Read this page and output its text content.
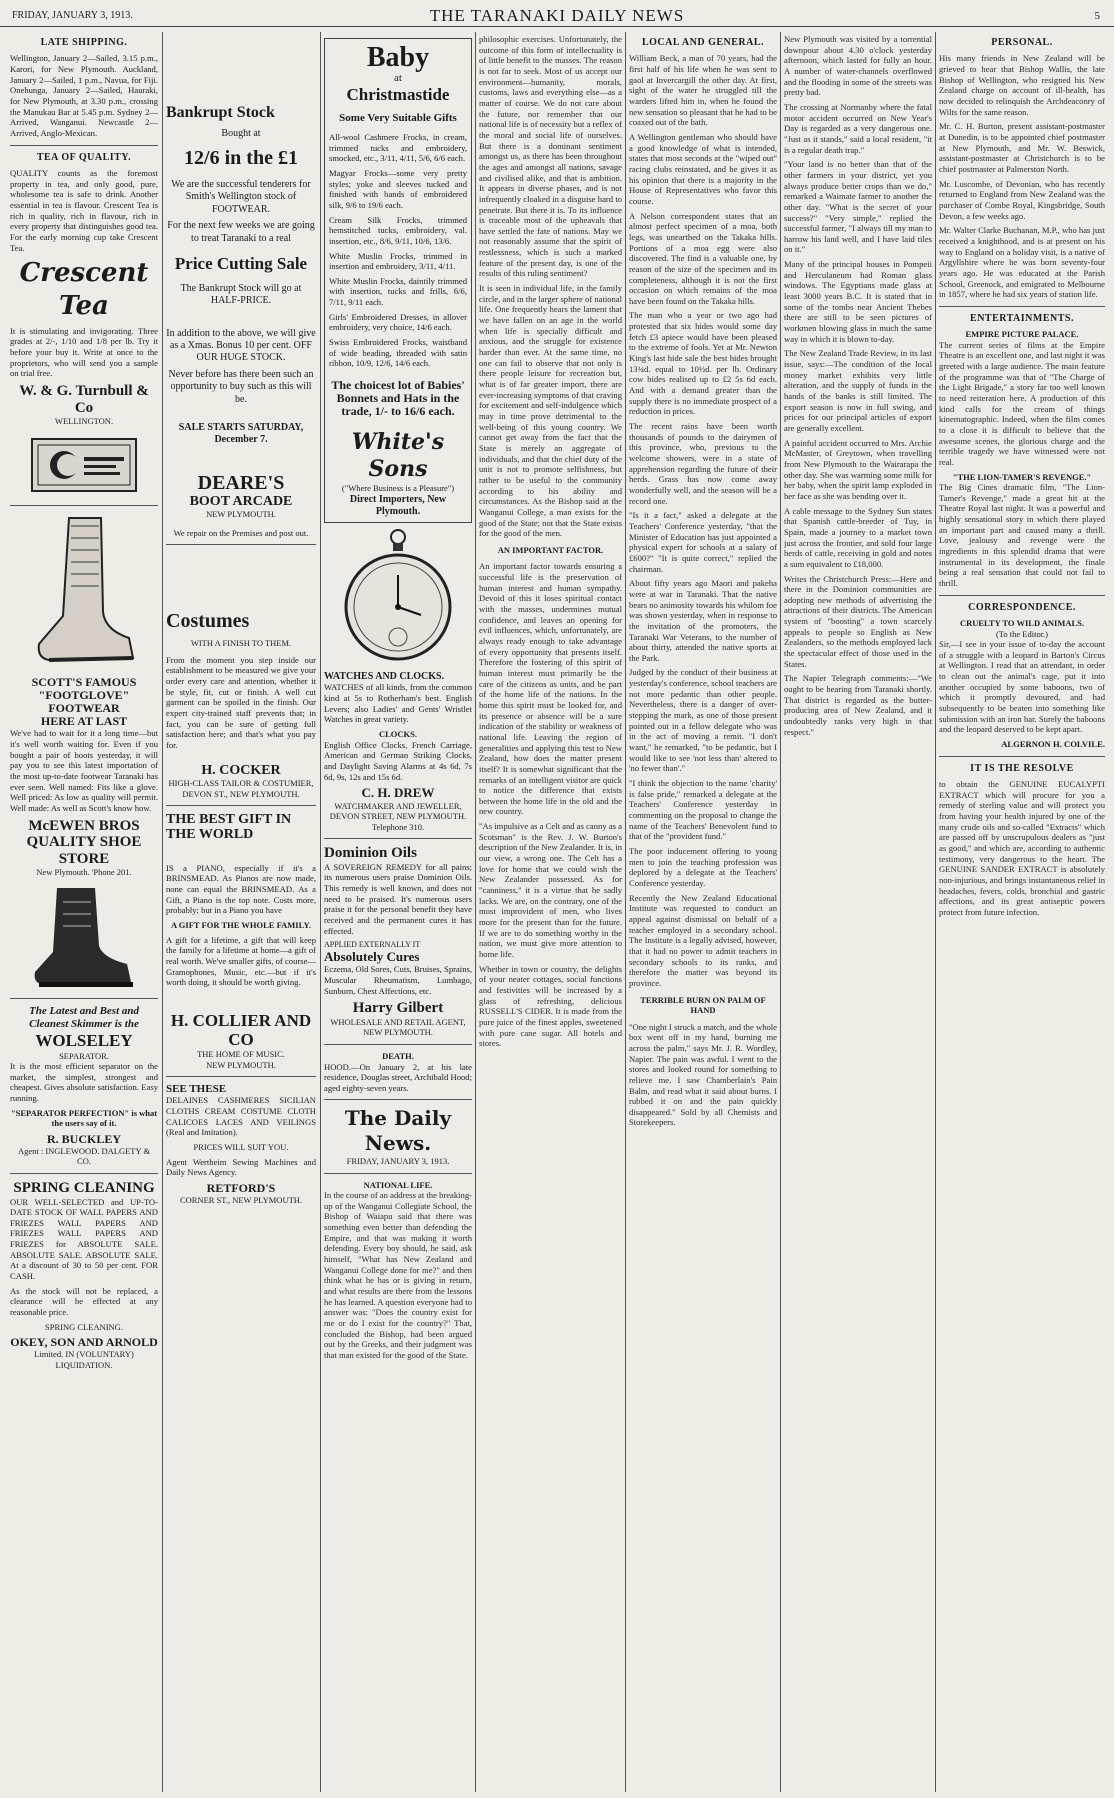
FRIDAY, JANUARY 3, 1913.	THE TARANAKI DAILY NEWS	5
LATE SHIPPING.

Wellington, January 2—Sailed, 3.15 p.m., Karori, for New Plymouth. Auckland, January 2—Sailed, 1 p.m., Navua, for Fiji. Onehunga, January 2—Sailed, Hauraki, for New Plymouth, at 3.30 p.m., crossing the Manukau Bar at 5.45 p.m. Sydney 2—Arrived, Wanganui. Newcastle 2—Arrived, Anglo-Mexican.

TEA OF QUALITY.

QUALITY counts as the foremost property in tea, and only good, pure, wholesome tea is safe to drink. Another essential in tea is flavour. Crescent Tea is rich in quality, rich in flavour, rich in every property that distinguishes good tea. For the early morning cup take Crescent Tea.

Crescent Tea

It is stimulating and invigorating. Three grades at 2/-, 1/10 and 1/8 per lb. Try it before your buy it. Write at once to the proprietors, who will send you a sample on trial free.

W. & G. Turnbull & Co
WELLINGTON.
SCOTT'S FAMOUS "FOOTGLOVE" FOOTWEAR
HERE AT LAST

We've had to wait for it a long time—but it's well worth waiting for. Even if you bought a pair of boots yesterday, it will pay you to see this latest importation of the most up-to-date footwear Taranaki has ever seen. Well named: Fits like a glove. Well priced: As low as quality will permit. Well made: As well as Scott's know how.

McEWEN BROS QUALITY SHOE STORE
New Plymouth. 'Phone 201.
The Latest and Best and Cleanest Skimmer is the
WOLSELEY
SEPARATOR.

It is the most efficient separator on the market, the simplest, strongest and cheapest. Gives absolute satisfaction. Easy running.

"SEPARATOR PERFECTION" is what the users say of it.

R. BUCKLEY
Agent : INGLEWOOD. DALGETY & CO.
SPRING CLEANING

OUR WELL-SELECTED and UP-TO-DATE STOCK OF WALL PAPERS AND FRIEZES WALL PAPERS AND FRIEZES WALL PAPERS AND FRIEZES for ABSOLUTE SALE. ABSOLUTE SALE. ABSOLUTE SALE. At a discount of 30 to 50 per cent. FOR CASH.

As the stock will not be replaced, a clearance will be effected at any reasonable price.

SPRING CLEANING.
OKEY, SON AND ARNOLD
Limited. IN (VOLUNTARY) LIQUIDATION.
Bankrupt Stock
Bought at
12/6 in the £1

We are the successful tenderers for Smith's Wellington stock of FOOTWEAR.

For the next few weeks we are going to treat Taranaki to a real

Price Cutting Sale

The Bankrupt Stock will go at HALF-PRICE.

In addition to the above, we will give as a Xmas. Bonus 10 per cent. OFF OUR HUGE STOCK.

Never before has there been such an opportunity to buy such as this will be.

SALE STARTS SATURDAY, December 7.

DEARE'S
BOOT ARCADE
NEW PLYMOUTH.

We repair on the Premises and post out.

Costumes
WITH A FINISH TO THEM.

From the moment you step inside our establishment to be measured we give your order every care and attention, whether it be style, fit, cut or finish. A well cut garment can be spoiled in the finish. Our expert city-trained staff prevents that; in fact, you can be sure of getting full satisfaction here; and that's what you pay for.

H. COCKER
HIGH-CLASS TAILOR & COSTUMIER, DEVON ST., NEW PLYMOUTH.
THE BEST GIFT IN THE WORLD

IS a PIANO, especially if it's a BRINSMEAD. As Pianos are now made, none can equal the BRINSMEAD. As a Gift, a Piano is the top note. Costs more, probably; but in a Piano you have

A GIFT FOR THE WHOLE FAMILY.

A gift for a lifetime, a gift that will keep the family for a lifetime at home—a gift of real worth. We've smaller gifts, of course—Gramophones, Music, etc.—but if it's worth doing, it should be worth giving.

H. COLLIER AND CO
THE HOME OF MUSIC.
NEW PLYMOUTH.
SEE THESE

DELAINES CASHMERES SICILIAN CLOTHS CREAM COSTUME CLOTH CALICOES LACES AND VEILINGS (Real and Imitation).

PRICES WILL SUIT YOU.

Agent Wertheim Sewing Machines and Daily News Agency.

RETFORD'S
CORNER ST., NEW PLYMOUTH.
Baby
at
Christmastide
Some Very Suitable Gifts

All-wool Cashmere Frocks, in cream, trimmed tucks and embroidery, smocked, etc., 3/11, 4/11, 5/6, 6/6 each.

Magyar Frocks—some very pretty styles; yoke and sleeves tucked and finished with bands of embroidered silk, 9/6 to 19/6 each.

Cream Silk Frocks, trimmed hemstitched tucks, embroidery, val. insertion, etc., 8/6, 9/11, 10/6, 13/6.

White Muslin Frocks, trimmed in insertion and embroidery, 3/11, 4/11.

White Muslin Frocks, daintily trimmed with insertion, tucks and frills, 6/6, 7/11, 9/11 each.

Girls' Embroidered Dresses, in allover embroidery, very choice, 14/6 each.

Swiss Embroidered Frocks, waistband of wide beading, threaded with satin ribbon, 10/9, 12/6, 14/6 each.

The choicest lot of Babies' Bonnets and Hats in the trade, 1/- to 16/6 each.
White's Sons
("Where Business is a Pleasure")
Direct Importers, New Plymouth.
WATCHES AND CLOCKS.

WATCHES of all kinds, from the common kind at 5s to Rotherham's best. English Levers; also Ladies' and Gents' Wristlet Watches in great variety.

CLOCKS.

English Office Clocks, French Carriage, American and German Striking Clocks, and Daylight Saving Alarms at 4s 6d, 7s 6d, 9s, 12s and 15s 6d.

C. H. DREW

WATCHMAKER AND JEWELLER, DEVON STREET, NEW PLYMOUTH. Telephone 310.

Dominion Oils

A SOVEREIGN REMEDY for all pains; its numerous users praise Dominion Oils. This remedy is well known, and does not need to be praised. It's numerous users praise it for the personal benefit they have received and the permanent cures it has effected.

APPLIED EXTERNALLY IT
Absolutely Cures

Eczema, Old Sores, Cuts, Bruises, Sprains, Muscular Rheumatism, Lumbago, Sunburn, Chest Affections, etc.

Harry Gilbert
WHOLESALE AND RETAIL AGENT, NEW PLYMOUTH.
DEATH.

HOOD.—On January 2, at his late residence, Douglas street, Archibald Hood; aged eighty-seven years.

The Daily News.
FRIDAY, JANUARY 3, 1913.
NATIONAL LIFE.

In the course of an address at the breaking-up of the Wanganui Collegiate School, the Bishop of Waiapu said that there was something even better than defending the Empire, and that was making it worth defending. Every boy should, he said, ask himself, "What has New Zealand and Wanganui College done for me?" and then think what he has or is giving in return, and what results are there from the lessons he has learned. A question everyone had to answer was: "Does the country exist for me or do I exist for the country?" That, concluded the Bishop, had been argued out by the Greeks, and their judgment was that man existed for the good of the State.

philosophic exercises. Unfortunately, the outcome of this form of intellectuality is of little benefit to the masses. The reason is not far to seek. Most of us accept our environment—humanity, morals, customs, laws and everything else—as a matter of course. We do not care about the future, nor remember that our national life is of necessity but a reflex of the moral and social life of ourselves. But there is a dominant sentiment amongst us, as there has been throughout the ages and amongst all nations, savage and civilised alike, and that is ambition. It appears in diverse phases, and is not infrequently cloaked in a disguise hard to penetrate. But there it is. To its influence is traceable most of the upheavals that have settled the fate of nations. May we not reasonably assume that the spirit of restlessness, which is such a marked feature of the present day, is one of the results of this ruling sentiment?

It is seen in individual life, in the family circle, and in the larger sphere of national life. One frequently hears the lament that we have fallen on an age in the world when life is specially difficult and anxious, and the struggle for existence harder than ever. At the same time, no one can fail to observe that not only is there people leisure for recreation but, what is of far greater import, there are ever-increasing symptoms of that craving for excitement and self-indulgence which may in time prove detrimental to the well-being of this young country. We cannot get away from the fact that the State is merely an aggregate of individuals, and that the chief duty of the unit is not to promote selfishness, but rather to be useful to the community according to his ability and circumstances. As the Bishop said at the Wanganui College, a man exists for the good of the State; not that the State exists for the good of the men.

AN IMPORTANT FACTOR.

An important factor towards ensuring a successful life is the preservation of human interest and human sympathy. Devoid of this it loses spiritual contact with the masses, undermines mutual confidence, and leaves an opening for evil influences, which, unfortunately, are always ready enough to take advantage of every opportunity that presents itself. Therefore the fostering of this spirit of human interest must primarily be the care of the citizens as units, and be part of the home life of the nations. In the home this spirit must be looked for, and its presence or absence will be a sure indication of the stability or weakness of national life. Leaving the region of generalities and applying this test to New Zealand, how does the matter present itself? It is somewhat significant that the remarks of an intelligent visitor are quick to notice the difference that exists between the home life in the old and the new country.

"As impulsive as a Celt and as canny as a Scotsman" is the Rev. J. W. Burton's description of the New Zealander. It is, in our view, a wrong one. The Celt has a love for home that we could wish the New Zealander possessed. As for "canniness," it is a virtue that he sadly lacks. We are, on the contrary, one of the most improvident of men, who lives more for the present than for the future. If we are to do something worthy in the nation, we must give more attention to home life.

Whether in town or country, the delights of your neater cottages, social functions and festivities will be increased by a glass of refreshing, delicious RUSSELL'S CIDER. It is made from the pure juice of the finest apples, sweetened with pure cane sugar. All hotels and stores.

LOCAL AND GENERAL.

William Beck, a man of 70 years, had the first half of his life when he was sent to gaol at Invercargill the other day. At first, sight of the water he struggled till the warders lifted him in, when he found the new sensation so pleasant that he had to be coaxed out of the bath.

A Wellington gentleman who should have a good knowledge of what is intended, states that most seconds at the "wiped out" racing clubs reinstated, and he gives it as his opinion that there is a majority in the House of Representatives who favor this course.

A Nelson correspondent states that an almost perfect specimen of a moa, both legs, was unearthed on the Takaka hills. Portions of a moa egg were also discovered. The find is a valuable one, by reason of the size of the specimen and its completeness, although it is not the first occasion on which remains of the moa have been found on the Takaka hills.

The man who a year or two ago had protested that six hides would some day fetch £3 apiece would have been pleased to the extreme of fools. Yet at Mr. Newton King's last hide sale the best hides brought 13¾d. equal to 10½d. per lb. Ordinary cow hides realised up to £2 5s 6d each. And with a demand greater than the supply there is no immediate prospect of a reduction in prices.

The recent rains have been worth thousands of pounds to the dairymen of this province, who, previous to the welcome showers, were in a state of apprehension regarding the future of their herds. Grass has now come away wonderfully well, and the season will be a record one.

"Is it a fact," asked a delegate at the Teachers' Conference yesterday, "that the Minister of Education has just appointed a physical expert for schools at a salary of £600?" "It is quite correct," replied the chairman.

About fifty years ago Maori and pakeha were at war in Taranaki. That the native bears no animosity towards his whilom foe was shown yesterday, when in response to the invitation of the promoters, the Taranaki War Veterans, to the number of about thirty, attended the native sports at the Park.

Judged by the conduct of their business at yesterday's conference, school teachers are not more pedantic than other people. Nevertheless, there is a danger of over-stepping the mark, as one of those present pointed out in a fellow delegate who was in the act of moving a remit. "I don't want," he remarked, "to be pedantic, but I would like to see 'not less than' altered to 'no fewer than'."

"I think the objection to the name 'charity' is false pride," remarked a delegate at the Teachers' Conference yesterday in commenting on the proposal to change the name of the Teachers' Benevolent fund to that of the "provident fund."

The poor inducement offering to young men to join the teaching profession was deplored by a delegate at the Teachers' Conference yesterday.

Recently the New Zealand Educational Institute was requested to conduct an appeal against dismissal on behalf of a teacher employed in a secondary school. The Institute is a legally advised, however, that it had no power to admit teachers in secondary schools to its ranks, and therefore the matter was beyond its province.

TERRIBLE BURN ON PALM OF HAND

"One night I struck a match, and the whole box went off in my hand, burning me across the palm," says Mr. J. R. Wordley, Napier. The pain was awful. I went to the stores and looked round for something to relieve me. I saw Chamberlain's Pain Balm, and read what it said about burns. I rubbed it on and the pain quickly disappeared." Sold by all Chemists and Storekeepers.

New Plymouth was visited by a torrential downpour about 4.30 o'clock yesterday afternoon, which lasted for fully an hour. A number of water-channels overflowed and the flooding in some of the streets was pretty bad.

The crossing at Normanby where the fatal motor accident occurred on New Year's Day is regarded as a very dangerous one. "Just as it stands," said a local resident, "it is a regular death trap."

"Your land is no better than that of the other farmers in your district, yet you always produce better crops than we do," remarked a Waimate farmer to another the other day. "What is the secret of your success?" "Very simple," replied the successful farmer, "I always till my man to harrow his land well, and I have laid tiles on it."

Many of the principal houses in Pompeii and Herculaneum had Roman glass windows. The Egyptians made glass at least 3000 years B.C. It is stated that in some of the tombs near Ancient Thebes there are still to be seen pictures of workmen blowing glass in much the same way in which it is blown to-day.

The New Zealand Trade Review, in its last issue, says:—The condition of the local money market exhibits very little alteration, and the supply of funds in the hands of the banks is still limited. The export season is now in full swing, and prices for our principal articles of export are generally excellent.

A painful accident occurred to Mrs. Archie McMaster, of Greytown, when travelling from New Plymouth to the Wairarapa the other day. She was warming some milk for her baby, when the spirit lamp exploded in her face as she was bending over it.

A cable message to the Sydney Sun states that Spanish cattle-breeder of Tuy, in Spain, made a journey to a market town just across the frontier, and sold four large herds of cattle, receiving in gold and notes a sum equivalent to £18,000.

Writes the Christchurch Press:—Here and there in the Dominion communities are adopting new methods of advertising the attractions of their districts. The American system of "boosting" a town scarcely appeals to people so English as New Zealanders, so the methods employed lack the spectacular effect of those used in the States.

The Napier Telegraph comments:—"We ought to be hearing from Taranaki shortly. That district is regarded as the butter-producing area of New Zealand, and it undoubtedly ranks very high in that respect."

PERSONAL.

His many friends in New Zealand will be grieved to hear that Bishop Wallis, the late Bishop of Wellington, who resigned his New Zealand charge on account of ill-health, has now decided to relinquish the Archdeaconry of Wilts for the same reason.

Mr. C. H. Burton, present assistant-postmaster at Dunedin, is to be appointed chief postmaster at New Plymouth, and Mr. W. Beswick, assistant-postmaster at Christchurch is to be chief postmaster at Palmerston North.

Mr. Luscombe, of Devonian, who has recently returned to England from New Zealand was the purchaser of Combe Royal, Kingsbridge, South Devon, a few weeks ago.

Mr. Walter Clarke Buchanan, M.P., who has just received a knighthood, and is at present on his way to England on a holiday visit, is a native of Argyllshire where he was born seventy-four years ago. He was educated at the Parish School, Greenock, and emigrated to Melbourne in 1857, where he had six years of station life.

ENTERTAINMENTS.
EMPIRE PICTURE PALACE.

The current series of films at the Empire Theatre is an excellent one, and last night it was greeted with a large audience. The main feature of the programme was that of "The Charge of the Light Brigade," a story far too well known to need reiteration here. A production of this kind calls for the cream of things kinematographic. Indeed, when the film comes to a close it is difficult to believe that the awesome scenes, the glorious charge and the terrible tragedy we have witnessed were not real.

"THE LION-TAMER'S REVENGE."

The Big Cines dramatic film, "The Lion-Tamer's Revenge," made a great hit at the Theatre Royal last night. It was a powerful and highly sensational story in which there played an important part and caused many a thrill. Love, jealousy and revenge were the ingredients in this splendid drama that were instrumental in its development, the finale being a real sensation that could not fail to thrill.

CORRESPONDENCE.
CRUELTY TO WILD ANIMALS.
(To the Editor.)

Sir,—I see in your issue of to-day the account of a struggle with a leopard in Barton's Circus at Wellington. I read that an attendant, in order to clean out the animal's cage, put it into another occupied by some baboons, two of which it promptly devoured, and had subsequently to be beaten into something like submission with an iron bar. Surely the baboons and the leopard deserved to be kept apart.

ALGERNON H. COLVILE.
IT IS THE RESOLVE

to obtain the GENUINE EUCALYPTI EXTRACT which will procure for you a remedy of sterling value and will protect you from having your health injured by one of the many crude oils and so-called "Extracts" which are passed off by unscrupulous dealers as "just as good," and which are, according to authentic testimony, very dangerous to the heart. The GENUINE SANDER EXTRACT is absolutely non-injurious, and brings instantaneous relief in headaches, fevers, colds, bronchial and gastric affections, and its great antiseptic powers protect from future infection.
